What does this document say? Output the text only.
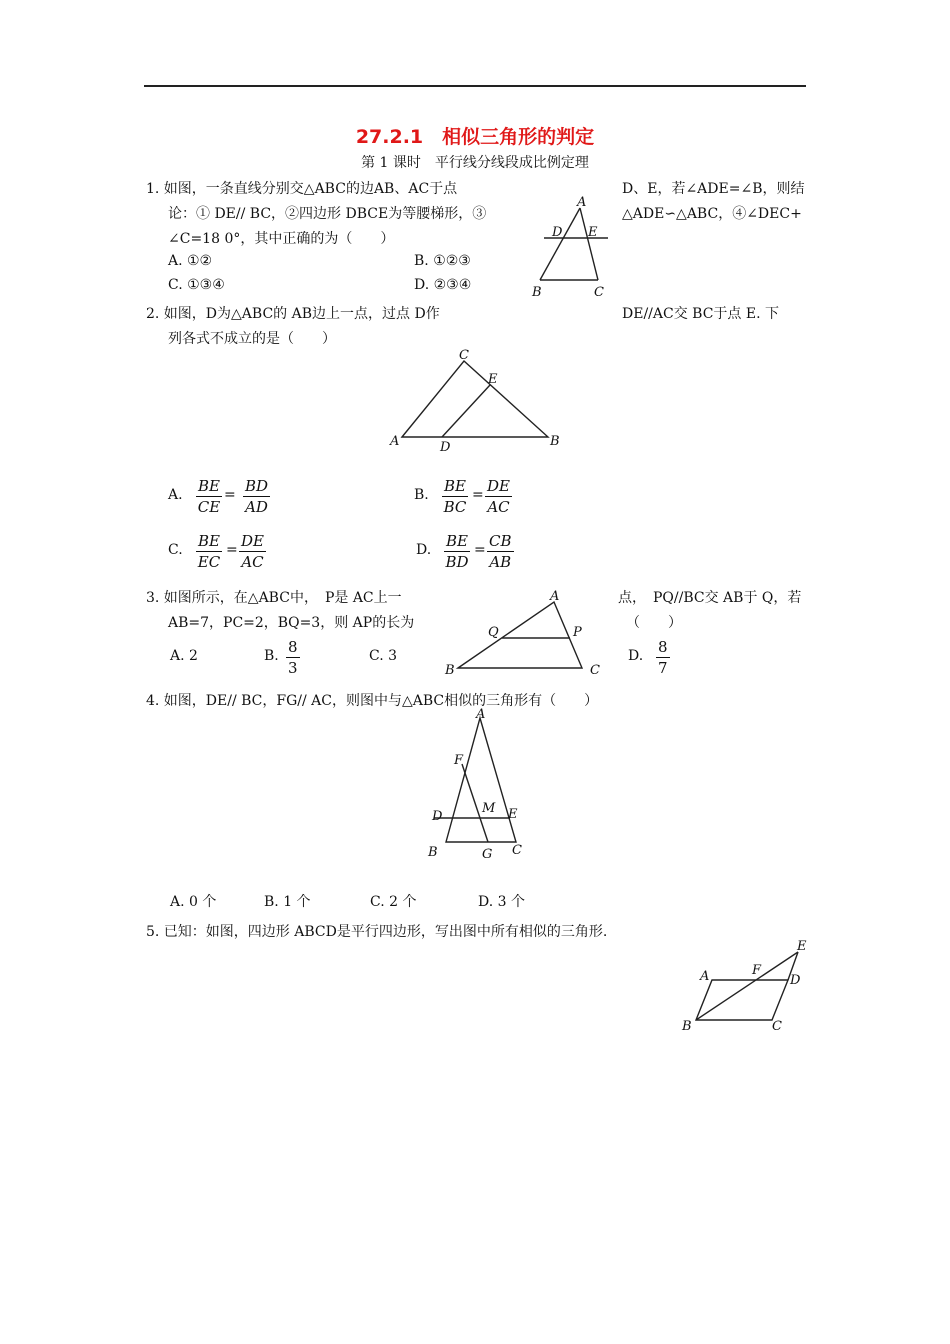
27.2.1　相似三角形的判定
第 1 课时　平行线分线段成比例定理
1. 如图，一条直线分别交△ABC的边AB、AC于点	D、E，若∠ADE=∠B，则结
论：① DE// BC，②四边形 DBCE为等腰梯形，③	△ADE∽△ABC，④∠DEC+
∠C=18 0°，其中正确的为（　　）
A. ①②	B. ①②③
C. ①③④	D. ②③④
A
D E
B	C
2. 如图，D为△ABC的 AB边上一点，过点 D作	DE//AC交 BC于点 E. 下
列各式不成立的是（　　）
C
E
A	D	B
A. $\frac{BE}{CE} = \frac{BD}{AD}$	B. $\frac{BE}{BC} = \frac{DE}{AC}$
C. $\frac{BE}{EC} = \frac{DE}{AC}$	D. $\frac{BE}{BD} = \frac{CB}{AB}$
3. 如图所示，在△ABC中，　P是 AC上一	点，　PQ//BC交 AB于 Q，若
AB=7，PC=2，BQ=3，则 AP的长为	（　　）
A. 2	B. $\frac{8}{3}$	C. 3	D. $\frac{8}{7}$
A
Q	P
B	C
4. 如图，DE// BC，FG// AC，则图中与△ABC相似的三角形有（　　）
A
F
M
D	E
B	G C
A. 0 个	B. 1 个	C. 2 个	D. 3 个
5. 已知：如图，四边形 ABCD是平行四边形，写出图中所有相似的三角形.
E
A	F
D
B	C
